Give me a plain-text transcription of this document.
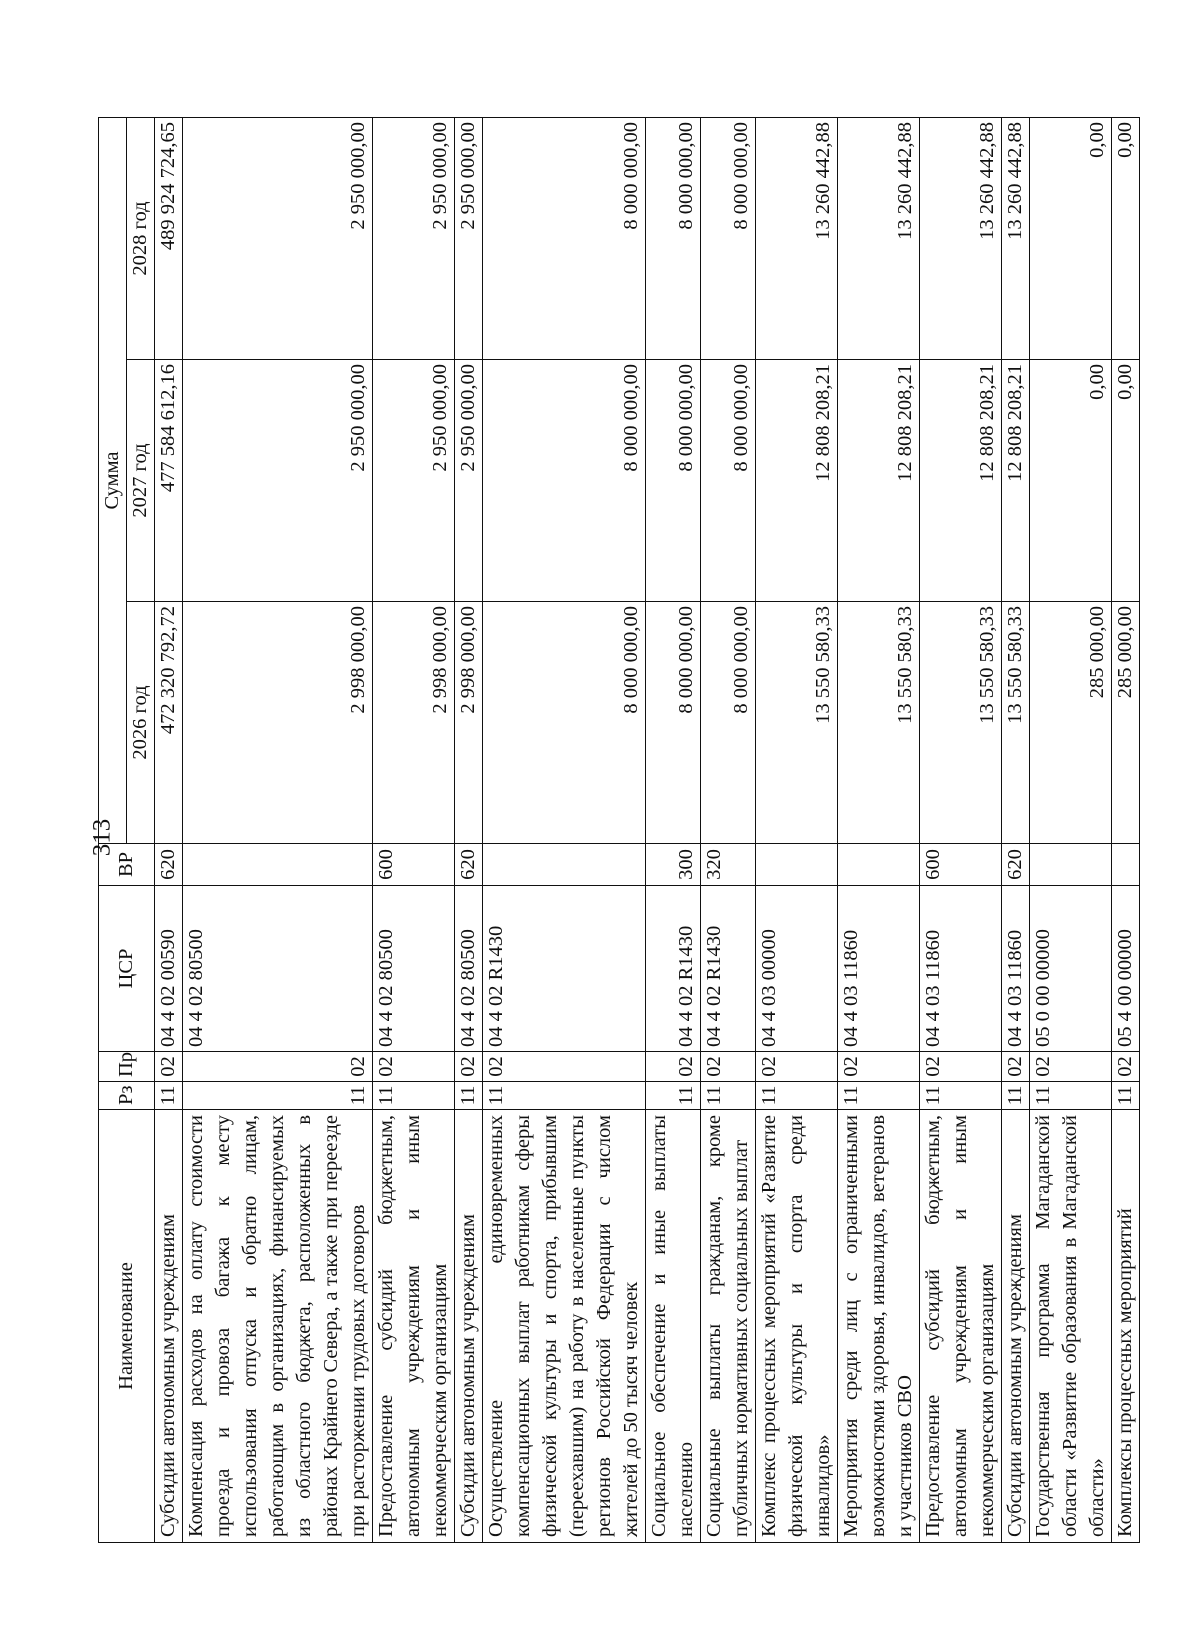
313
Наименование	Рз	Пр	ЦСР	ВР	Сумма		
					2026 год	2027 год	2028 год
Субсидии автономным учреждениям	11	02	04 4 02 00590	620	472 320 792,72	477 584 612,16	489 924 724,65
Компенсация расходов на оплату стоимости проезда и провоза багажа к месту использования отпуска и обратно лицам, работающим в организациях, финансируемых из областного бюджета, расположенных в районах Крайнего Севера, а также при переезде при расторжении трудовых договоров	11	02	04 4 02 80500		2 998 000,00	2 950 000,00	2 950 000,00
Предоставление субсидий бюджетным, автономным учреждениям и иным некоммерческим организациям	11	02	04 4 02 80500	600	2 998 000,00	2 950 000,00	2 950 000,00
Субсидии автономным учреждениям	11	02	04 4 02 80500	620	2 998 000,00	2 950 000,00	2 950 000,00
Осуществление единовременных компенсационных выплат работникам сферы физической культуры и спорта, прибывшим (переехавшим) на работу в населенные пункты регионов Российской Федерации с числом жителей до 50 тысяч человек	11	02	04 4 02 R1430		8 000 000,00	8 000 000,00	8 000 000,00
Социальное обеспечение и иные выплаты населению	11	02	04 4 02 R1430	300	8 000 000,00	8 000 000,00	8 000 000,00
Социальные выплаты гражданам, кроме публичных нормативных социальных выплат	11	02	04 4 02 R1430	320	8 000 000,00	8 000 000,00	8 000 000,00
Комплекс процессных мероприятий «Развитие физической культуры и спорта среди инвалидов»	11	02	04 4 03 00000		13 550 580,33	12 808 208,21	13 260 442,88
Мероприятия среди лиц с ограниченными возможностями здоровья, инвалидов, ветеранов и участников СВО	11	02	04 4 03 11860		13 550 580,33	12 808 208,21	13 260 442,88
Предоставление субсидий бюджетным, автономным учреждениям и иным некоммерческим организациям	11	02	04 4 03 11860	600	13 550 580,33	12 808 208,21	13 260 442,88
Субсидии автономным учреждениям	11	02	04 4 03 11860	620	13 550 580,33	12 808 208,21	13 260 442,88
Государственная программа Магаданской области «Развитие образования в Магаданской области»	11	02	05 0 00 00000		285 000,00	0,00	0,00
Комплексы процессных мероприятий	11	02	05 4 00 00000		285 000,00	0,00	0,00
